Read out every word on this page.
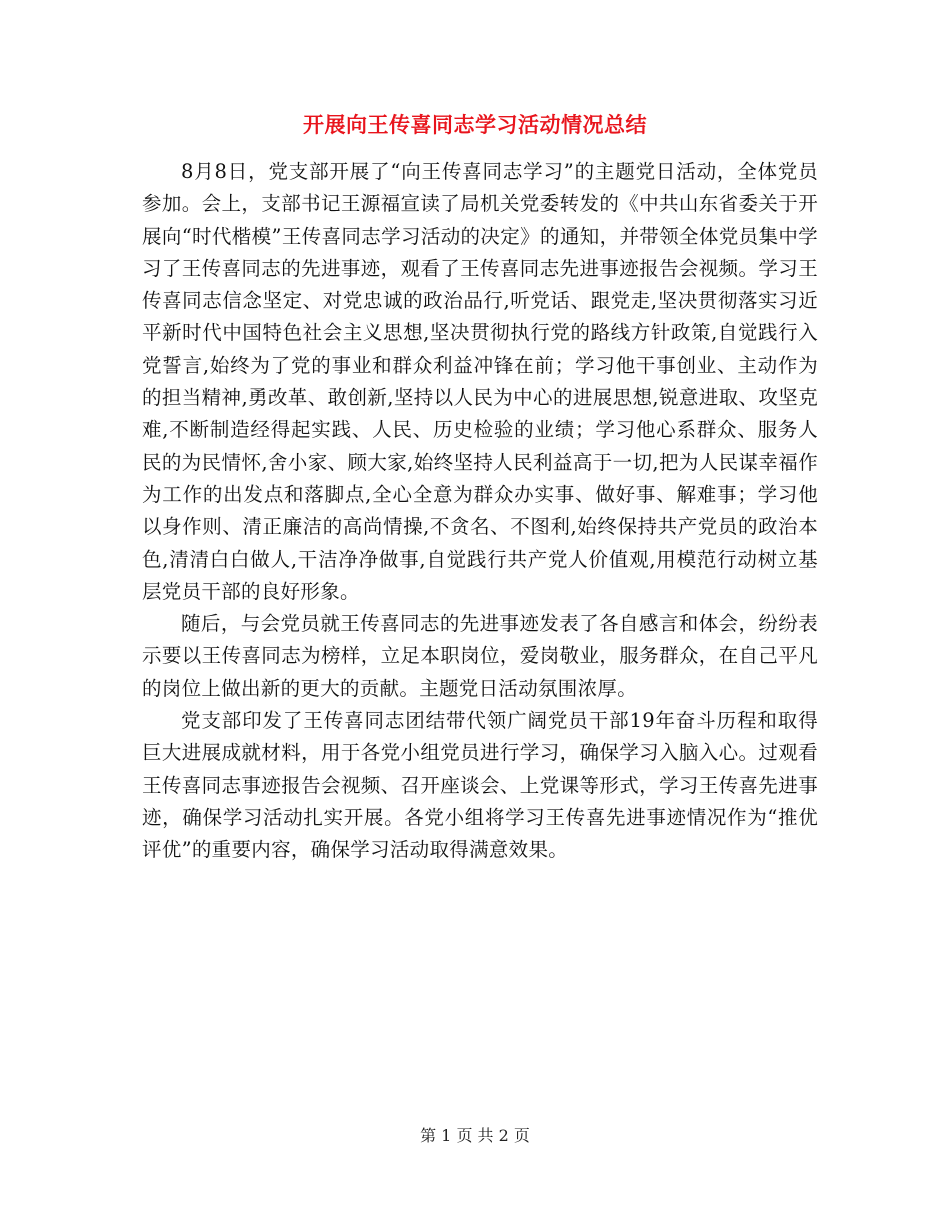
开展向王传喜同志学习活动情况总结

8月8日，党支部开展了“向王传喜同志学习”的主题党日活动，全体党员参加。会上，支部书记王源福宣读了局机关党委转发的《中共山东省委关于开展向“时代楷模”王传喜同志学习活动的决定》的通知，并带领全体党员集中学习了王传喜同志的先进事迹，观看了王传喜同志先进事迹报告会视频。学习王传喜同志信念坚定、对党忠诚的政治品行,听党话、跟党走,坚决贯彻落实习近平新时代中国特色社会主义思想,坚决贯彻执行党的路线方针政策,自觉践行入党誓言,始终为了党的事业和群众利益冲锋在前；学习他干事创业、主动作为的担当精神,勇改革、敢创新,坚持以人民为中心的进展思想,锐意进取、攻坚克难,不断制造经得起实践、人民、历史检验的业绩；学习他心系群众、服务人民的为民情怀,舍小家、顾大家,始终坚持人民利益高于一切,把为人民谋幸福作为工作的出发点和落脚点,全心全意为群众办实事、做好事、解难事；学习他以身作则、清正廉洁的高尚情操,不贪名、不图利,始终保持共产党员的政治本色,清清白白做人,干洁净净做事,自觉践行共产党人价值观,用模范行动树立基层党员干部的良好形象。

随后，与会党员就王传喜同志的先进事迹发表了各自感言和体会，纷纷表示要以王传喜同志为榜样，立足本职岗位，爱岗敬业，服务群众，在自己平凡的岗位上做出新的更大的贡献。主题党日活动氛围浓厚。

党支部印发了王传喜同志团结带代领广阔党员干部19年奋斗历程和取得巨大进展成就材料，用于各党小组党员进行学习，确保学习入脑入心。过观看王传喜同志事迹报告会视频、召开座谈会、上党课等形式，学习王传喜先进事迹，确保学习活动扎实开展。各党小组将学习王传喜先进事迹情况作为“推优评优”的重要内容，确保学习活动取得满意效果。

第 1 页 共 2 页
